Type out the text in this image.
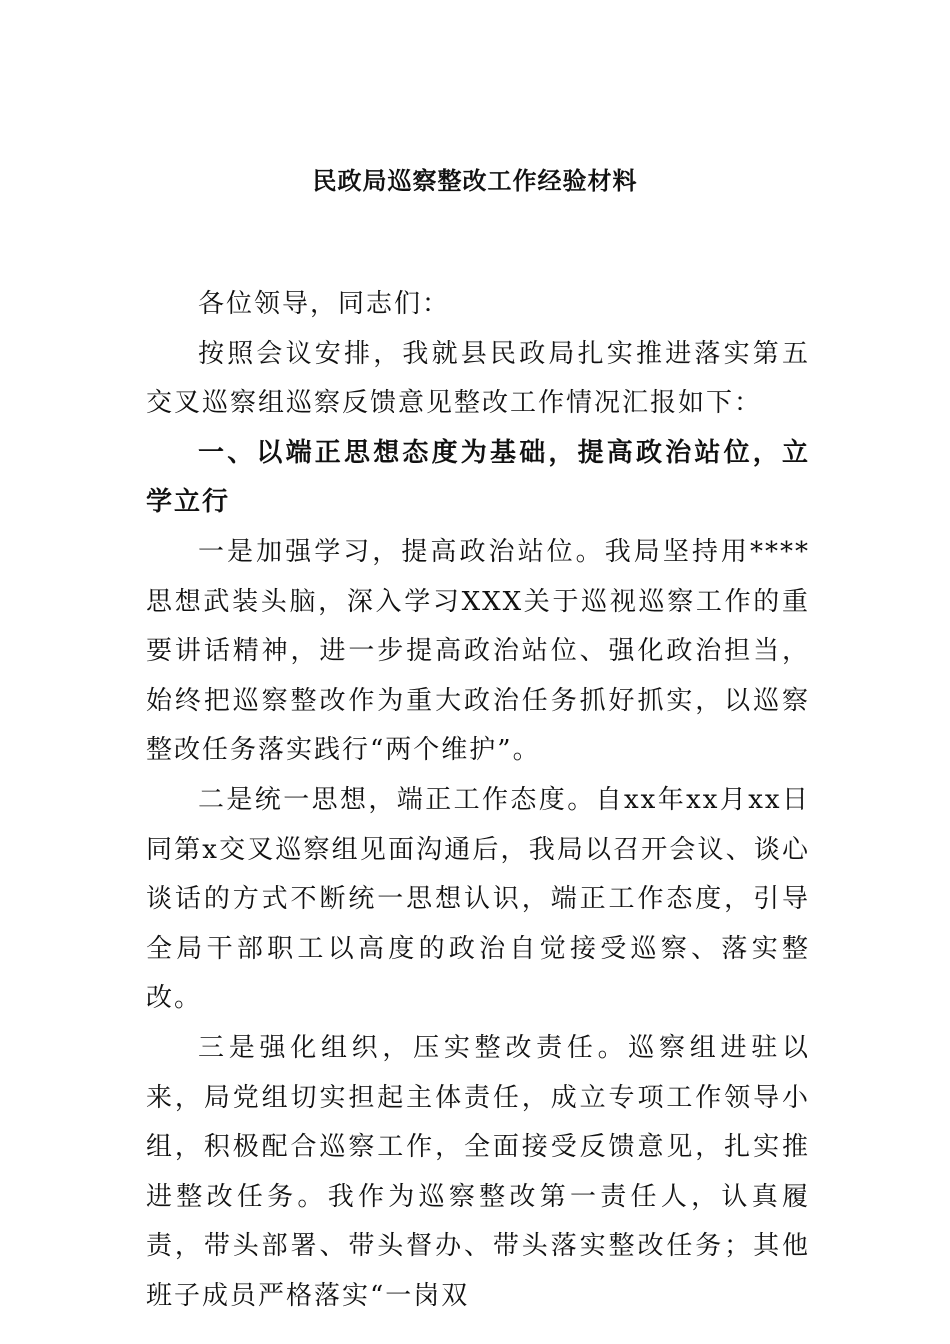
民政局巡察整改工作经验材料

各位领导，同志们：

按照会议安排，我就县民政局扎实推进落实第五交叉巡察组巡察反馈意见整改工作情况汇报如下：

一、以端正思想态度为基础，提高政治站位，立学立行

一是加强学习，提高政治站位。我局坚持用****思想武装头脑，深入学习XXX关于巡视巡察工作的重要讲话精神，进一步提高政治站位、强化政治担当，始终把巡察整改作为重大政治任务抓好抓实，以巡察整改任务落实践行“两个维护”。

二是统一思想，端正工作态度。自xx年xx月xx日同第x交叉巡察组见面沟通后，我局以召开会议、谈心谈话的方式不断统一思想认识，端正工作态度，引导全局干部职工以高度的政治自觉接受巡察、落实整改。

三是强化组织，压实整改责任。巡察组进驻以来，局党组切实担起主体责任，成立专项工作领导小组，积极配合巡察工作，全面接受反馈意见，扎实推进整改任务。我作为巡察整改第一责任人，认真履责，带头部署、带头督办、带头落实整改任务；其他班子成员严格落实“一岗双
